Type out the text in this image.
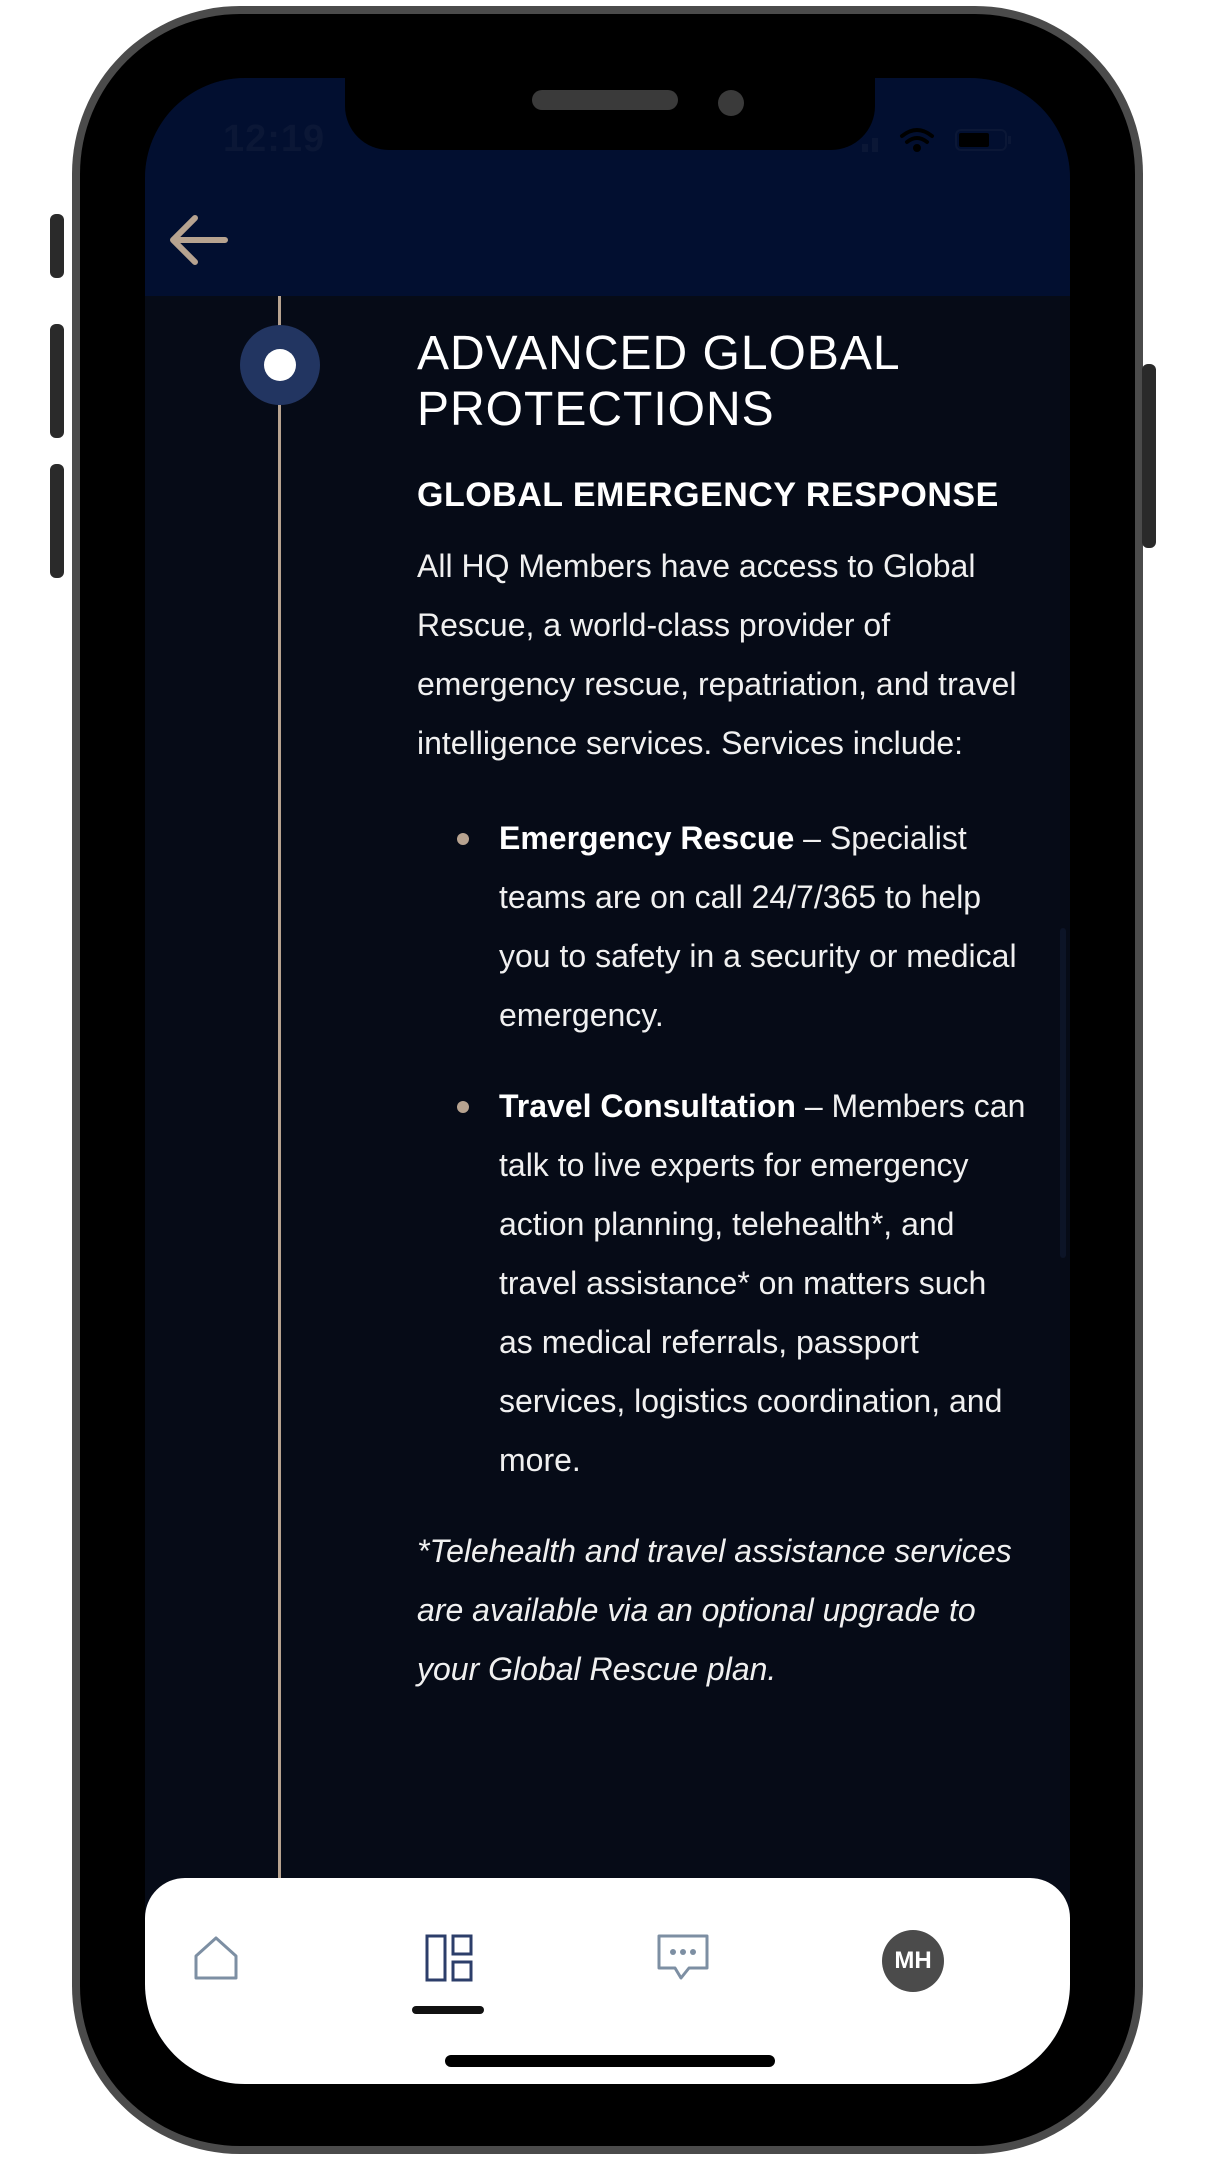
12:19
ADVANCED GLOBAL
PROTECTIONS
GLOBAL EMERGENCY RESPONSE

All HQ Members have access to Global Rescue, a world-class provider of emergency rescue, repatriation, and travel intelligence services. Services include:

Emergency Rescue – Specialist teams are on call 24/7/365 to help you to safety in a security or medical emergency.
Travel Consultation – Members can talk to live experts for emergency action planning, telehealth*, and travel assistance* on matters such as medical referrals, passport services, logistics coordination, and more.

*Telehealth and travel assistance services are available via an optional upgrade to your Global Rescue plan.

MH
